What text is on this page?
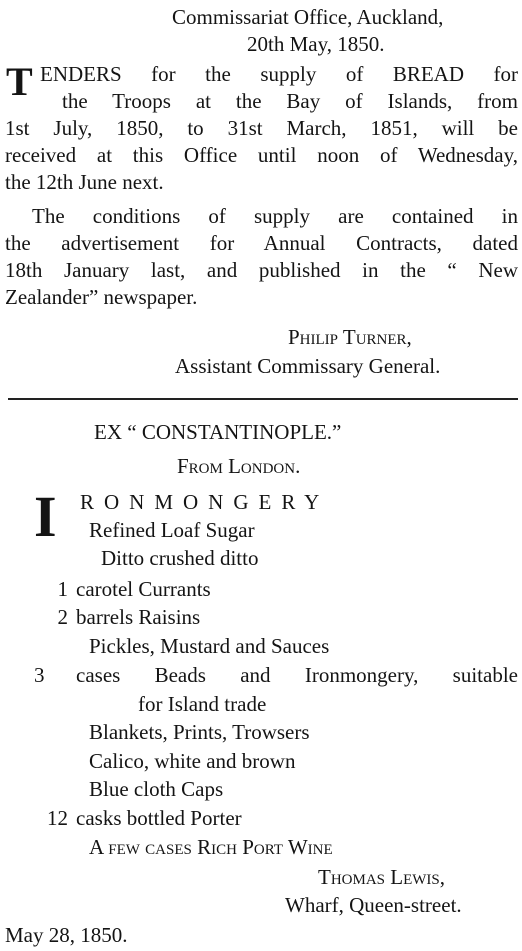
Commissariat Office, Auckland,
20th May, 1850.
T ENDERS for the supply of BREAD for
the Troops at the Bay of Islands, from
1st July, 1850, to 31st March, 1851, will be
received at this Office until noon of Wednesday,
the 12th June next.
The conditions of supply are contained in
the advertisement for Annual Contracts, dated
18th January last, and published in the “ New
Zealander” newspaper.
Philip Turner,
Assistant Commissary General.
EX “ CONSTANTINOPLE.”
From London.
I RONMONGERY
Refined Loaf Sugar
Ditto crushed ditto
1 carotel Currants
2 barrels Raisins
Pickles, Mustard and Sauces
3 cases Beads and Ironmongery, suitable
for Island trade
Blankets, Prints, Trowsers
Calico, white and brown
Blue cloth Caps
12 casks bottled Porter
A few cases Rich Port Wine
Thomas Lewis,
Wharf, Queen-street.
May 28, 1850.
